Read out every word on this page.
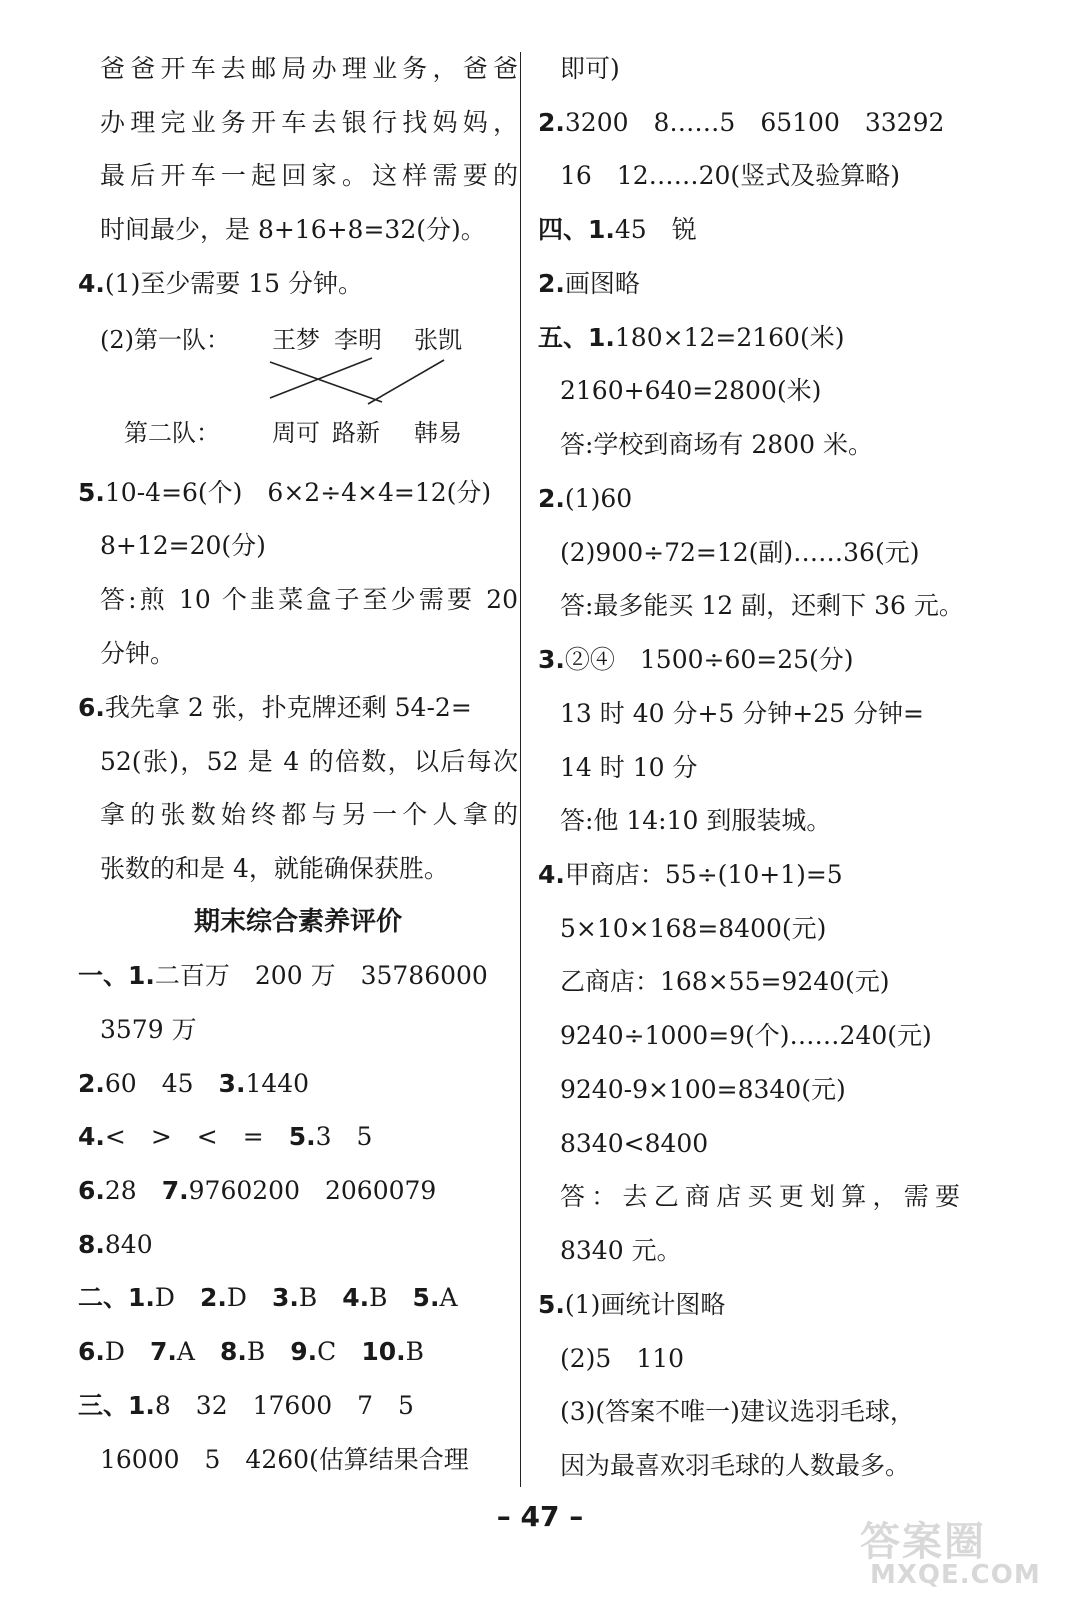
爸爸开车去邮局办理业务，爸爸
办理完业务开车去银行找妈妈，
最后开车一起回家。这样需要的
时间最少，是 8+16+8=32(分)。
4.(1)至少需要 15 分钟。
(2)第一队： 王梦 李明 张凯
第二队： 周可 路新 韩易
5.10-4=6(个)　6×2÷4×4=12(分)
8+12=20(分)
答:煎 10 个韭菜盒子至少需要 20
分钟。
6.我先拿 2 张，扑克牌还剩 54-2=
52(张)，52 是 4 的倍数，以后每次
拿的张数始终都与另一个人拿的
张数的和是 4，就能确保获胜。
期末综合素养评价
一、1.二百万　200 万　35786000
3579 万
2.60　45　 3.1440
4.<　>　<　=　 5.3　5
6.28　 7.9760200　2060079
8.840
二、1.D　 2.D　 3.B　 4.B　 5.A
6.D　 7.A　 8.B　 9.C　 10.B
三、1.8　32　17600　7　5
16000　5　4260(估算结果合理
即可)
2.3200　8……5　65100　33292
16　12……20(竖式及验算略)
四、1.45　锐
2.画图略
五、1.180×12=2160(米)
2160+640=2800(米)
答:学校到商场有 2800 米。
2.(1)60
(2)900÷72=12(副)……36(元)
答:最多能买 12 副，还剩下 36 元。
3.②④　1500÷60=25(分)
13 时 40 分+5 分钟+25 分钟=
14 时 10 分
答:他 14:10 到服装城。
4.甲商店：55÷(10+1)=5
5×10×168=8400(元)
乙商店：168×55=9240(元)
9240÷1000=9(个)……240(元)
9240-9×100=8340(元)
8340<8400
答：去乙商店买更划算，需要
8340 元。
5.(1)画统计图略
(2)5　110
(3)(答案不唯一)建议选羽毛球，
因为最喜欢羽毛球的人数最多。
– 47 –
答案圈
MXQE.COM
